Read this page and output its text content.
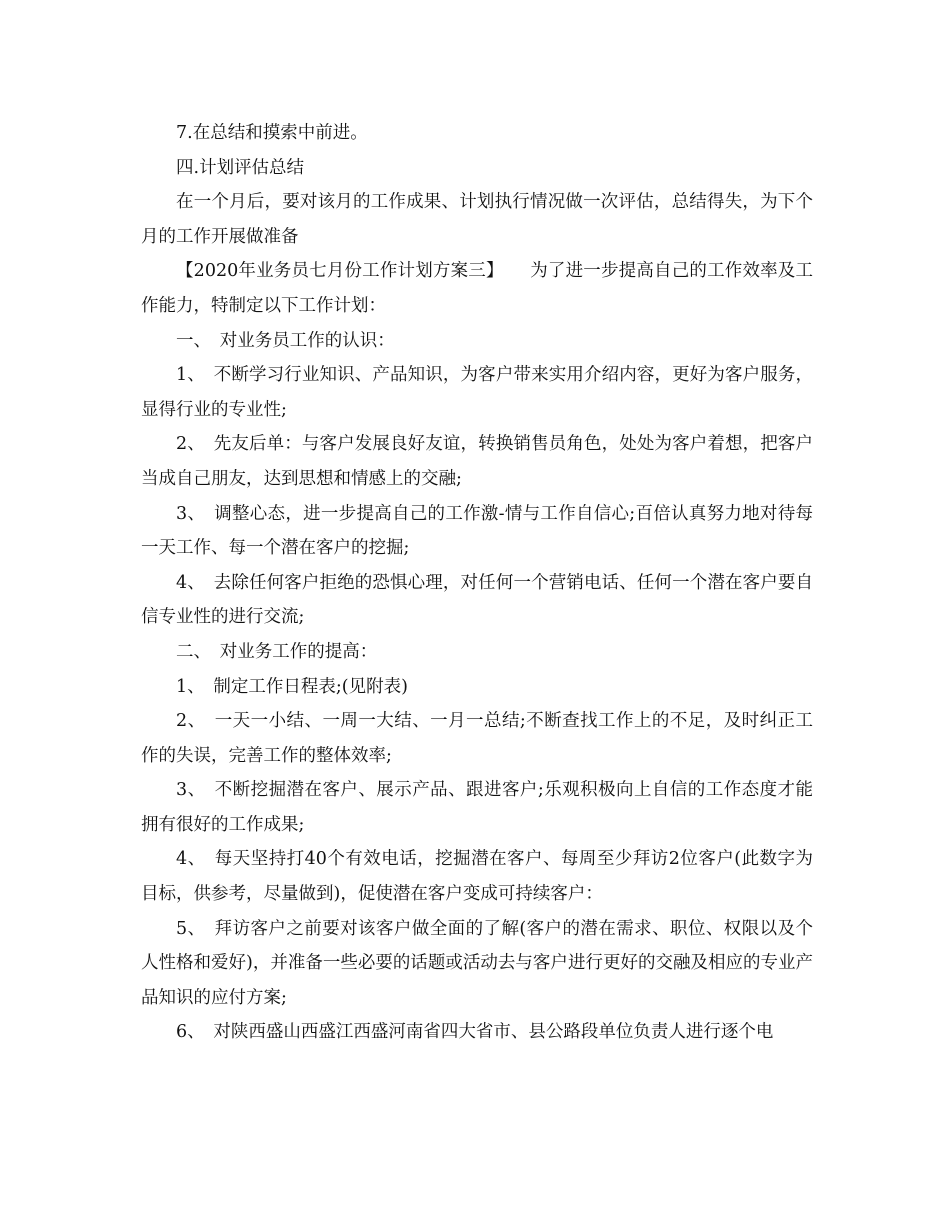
7.在总结和摸索中前进。

四.计划评估总结

在一个月后，要对该月的工作成果、计划执行情况做一次评估，总结得失，为下个月的工作开展做准备

【2020年业务员七月份工作计划方案三】　　为了进一步提高自己的工作效率及工作能力，特制定以下工作计划：

一、　对业务员工作的认识：

1、　不断学习行业知识、产品知识，为客户带来实用介绍内容，更好为客户服务，显得行业的专业性;

2、　先友后单：与客户发展良好友谊，转换销售员角色，处处为客户着想，把客户当成自己朋友，达到思想和情感上的交融;

3、　调整心态，进一步提高自己的工作激-情与工作自信心;百倍认真努力地对待每一天工作、每一个潜在客户的挖掘;

4、　去除任何客户拒绝的恐惧心理，对任何一个营销电话、任何一个潜在客户要自信专业性的进行交流;

二、　对业务工作的提高：

1、　制定工作日程表;(见附表)

2、　一天一小结、一周一大结、一月一总结;不断查找工作上的不足，及时纠正工作的失误，完善工作的整体效率;

3、　不断挖掘潜在客户、展示产品、跟进客户;乐观积极向上自信的工作态度才能拥有很好的工作成果;

4、　每天坚持打40个有效电话，挖掘潜在客户、每周至少拜访2位客户(此数字为目标，供参考，尽量做到)，促使潜在客户变成可持续客户：

5、　拜访客户之前要对该客户做全面的了解(客户的潜在需求、职位、权限以及个人性格和爱好)，并准备一些必要的话题或活动去与客户进行更好的交融及相应的专业产品知识的应付方案;

6、　对陕西盛山西盛江西盛河南省四大省市、县公路段单位负责人进行逐个电
